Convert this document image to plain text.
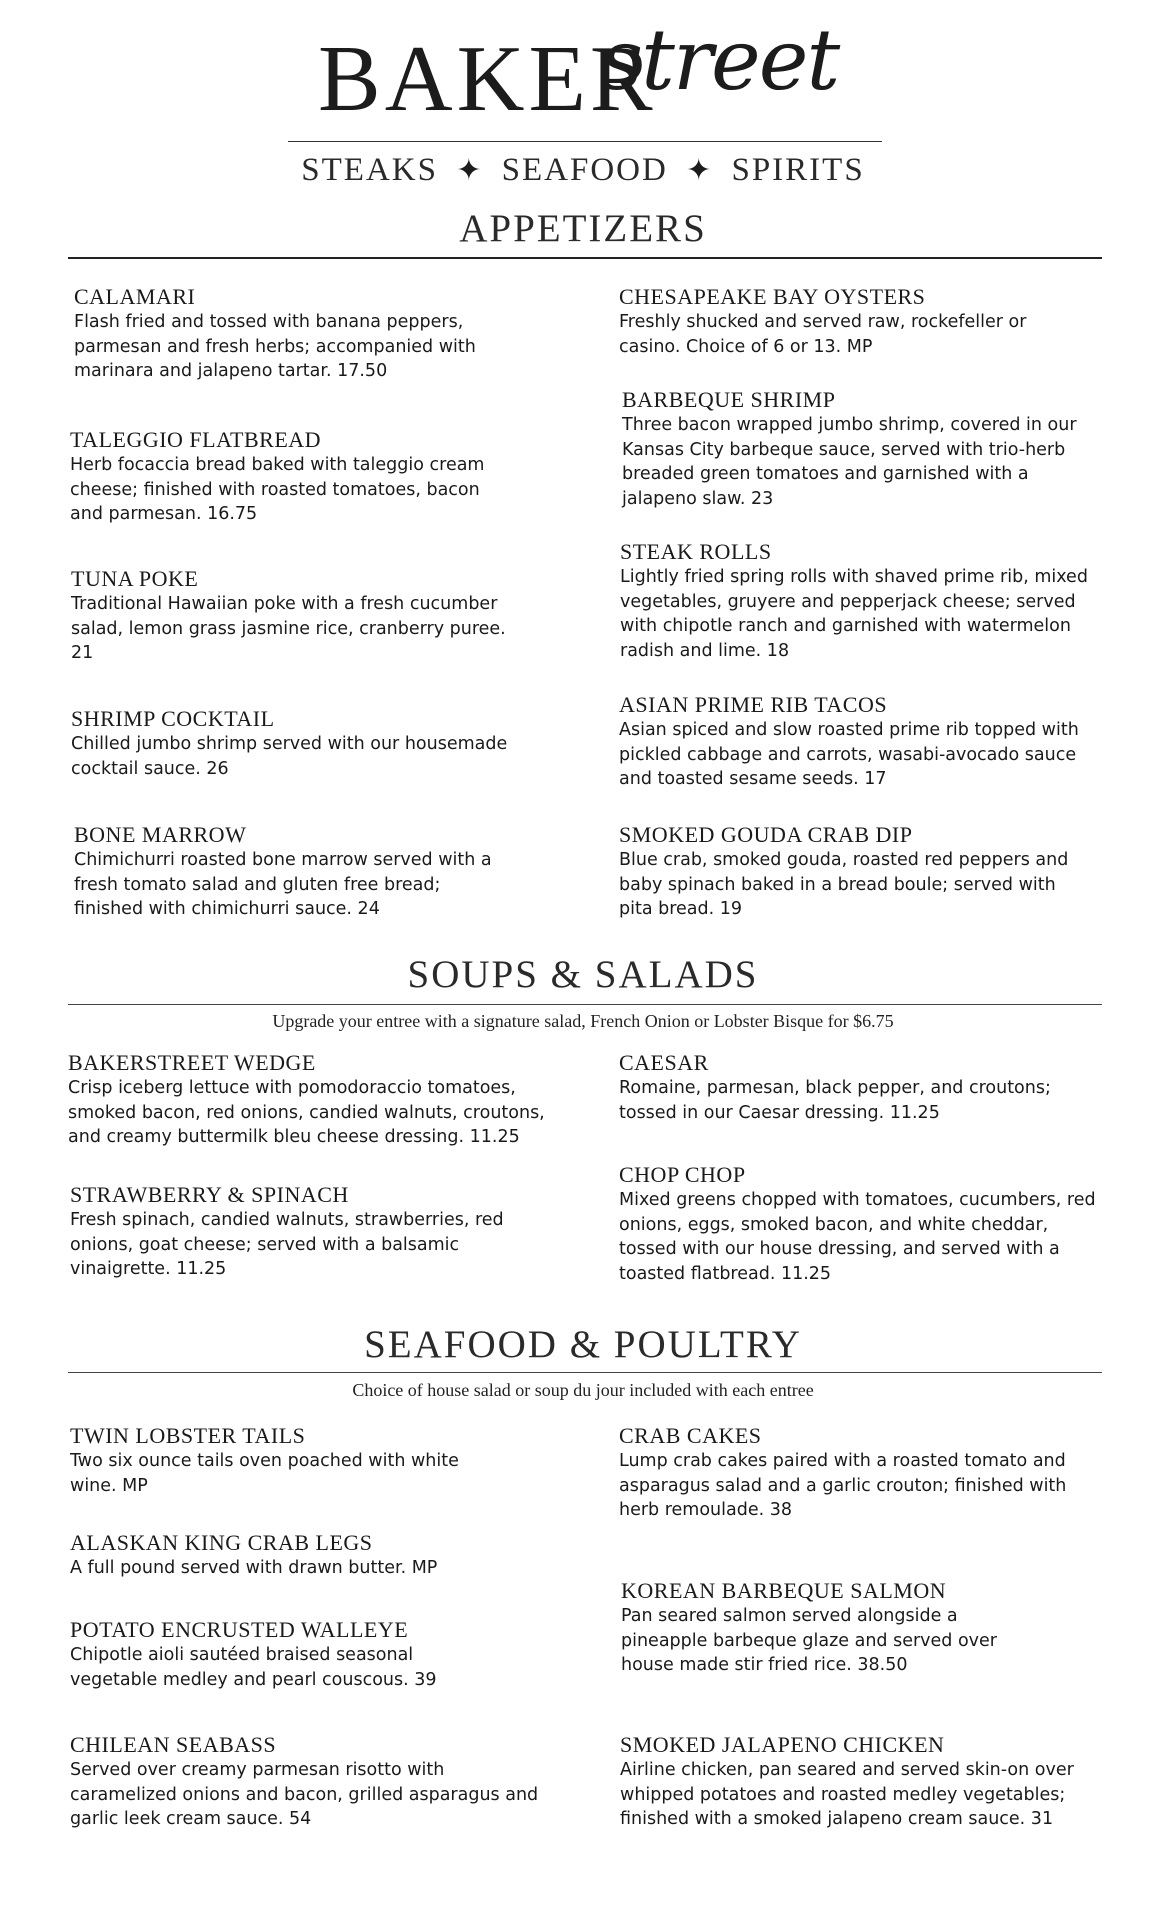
BAKER
street
STEAKS ✦ SEAFOOD ✦ SPIRITS
APPETIZERS
CALAMARI
Flash fried and tossed with banana peppers, parmesan and fresh herbs; accompanied with marinara and jalapeno tartar. 17.50
TALEGGIO FLATBREAD
Herb focaccia bread baked with taleggio cream cheese; finished with roasted tomatoes, bacon and parmesan. 16.75
TUNA POKE
Traditional Hawaiian poke with a fresh cucumber salad, lemon grass jasmine rice, cranberry puree. 21
SHRIMP COCKTAIL
Chilled jumbo shrimp served with our housemade cocktail sauce. 26
BONE MARROW
Chimichurri roasted bone marrow served with a fresh tomato salad and gluten free bread; finished with chimichurri sauce. 24
CHESAPEAKE BAY OYSTERS
Freshly shucked and served raw, rockefeller or casino. Choice of 6 or 13. MP
BARBEQUE SHRIMP
Three bacon wrapped jumbo shrimp, covered in our Kansas City barbeque sauce, served with trio-herb breaded green tomatoes and garnished with a jalapeno slaw. 23
STEAK ROLLS
Lightly fried spring rolls with shaved prime rib, mixed vegetables, gruyere and pepperjack cheese; served with chipotle ranch and garnished with watermelon radish and lime. 18
ASIAN PRIME RIB TACOS
Asian spiced and slow roasted prime rib topped with pickled cabbage and carrots, wasabi-avocado sauce and toasted sesame seeds. 17
SMOKED GOUDA CRAB DIP
Blue crab, smoked gouda, roasted red peppers and baby spinach baked in a bread boule; served with pita bread. 19
SOUPS & SALADS
Upgrade your entree with a signature salad, French Onion or Lobster Bisque for $6.75
BAKERSTREET WEDGE
Crisp iceberg lettuce with pomodoraccio tomatoes, smoked bacon, red onions, candied walnuts, croutons, and creamy buttermilk bleu cheese dressing. 11.25
STRAWBERRY & SPINACH
Fresh spinach, candied walnuts, strawberries, red onions, goat cheese; served with a balsamic vinaigrette. 11.25
CAESAR
Romaine, parmesan, black pepper, and croutons; tossed in our Caesar dressing. 11.25
CHOP CHOP
Mixed greens chopped with tomatoes, cucumbers, red onions, eggs, smoked bacon, and white cheddar, tossed with our house dressing, and served with a toasted flatbread. 11.25
SEAFOOD & POULTRY
Choice of house salad or soup du jour included with each entree
TWIN LOBSTER TAILS
Two six ounce tails oven poached with white wine. MP
ALASKAN KING CRAB LEGS
A full pound served with drawn butter. MP
POTATO ENCRUSTED WALLEYE
Chipotle aioli sautéed braised seasonal vegetable medley and pearl couscous. 39
CHILEAN SEABASS
Served over creamy parmesan risotto with caramelized onions and bacon, grilled asparagus and garlic leek cream sauce. 54
CRAB CAKES
Lump crab cakes paired with a roasted tomato and asparagus salad and a garlic crouton; finished with herb remoulade. 38
KOREAN BARBEQUE SALMON
Pan seared salmon served alongside a pineapple barbeque glaze and served over house made stir fried rice. 38.50
SMOKED JALAPENO CHICKEN
Airline chicken, pan seared and served skin-on over whipped potatoes and roasted medley vegetables; finished with a smoked jalapeno cream sauce. 31
